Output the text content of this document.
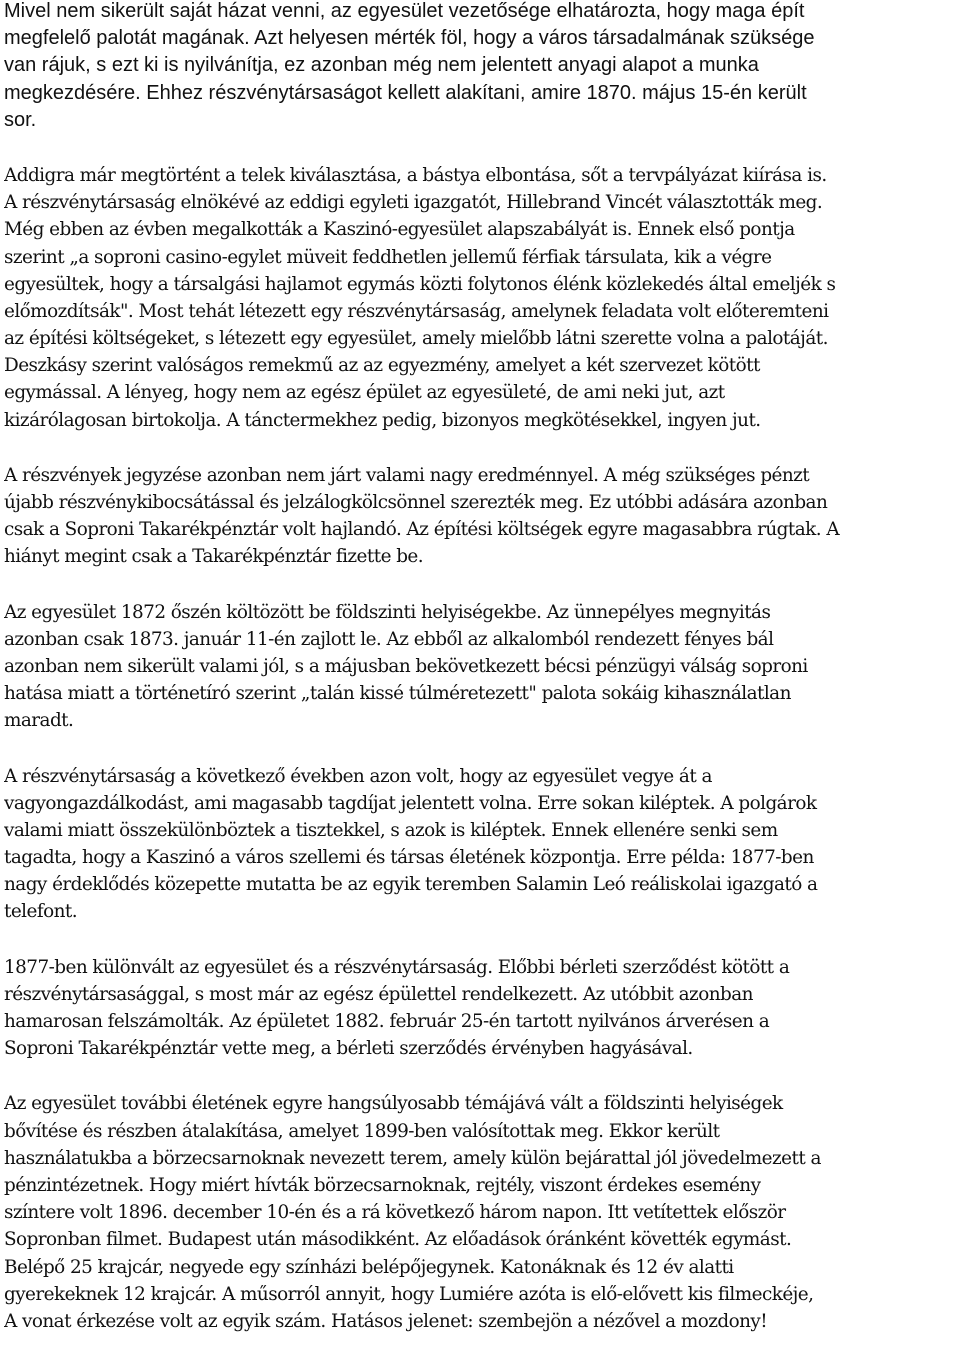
Mivel nem sikerült saját házat venni, az egyesület vezetősége elhatározta, hogy maga épít
megfelelő palotát magának. Azt helyesen mérték föl, hogy a város társadalmának szüksége
van rájuk, s ezt ki is nyilvánítja, ez azonban még nem jelentett anyagi alapot a munka
megkezdésére. Ehhez részvénytársaságot kellett alakítani, amire 1870. május 15-én került
sor.
Addigra már megtörtént a telek kiválasztása, a bástya elbontása, sőt a tervpályázat kiírása is.
A részvénytársaság elnökévé az eddigi egyleti igazgatót, Hillebrand Vincét választották meg.
Még ebben az évben megalkották a Kaszinó-egyesület alapszabályát is. Ennek első pontja
szerint „a soproni casino-egylet müveit feddhetlen jellemű férfiak társulata, kik a végre
egyesültek, hogy a társalgási hajlamot egymás közti folytonos élénk közlekedés által emeljék s
előmozdítsák". Most tehát létezett egy részvénytársaság, amelynek feladata volt előteremteni
az építési költségeket, s létezett egy egyesület, amely mielőbb látni szerette volna a palotáját.
Deszkásy szerint valóságos remekmű az az egyezmény, amelyet a két szervezet kötött
egymással. A lényeg, hogy nem az egész épület az egyesületé, de ami neki jut, azt
kizárólagosan birtokolja. A tánctermekhez pedig, bizonyos megkötésekkel, ingyen jut.
A részvények jegyzése azonban nem járt valami nagy eredménnyel. A még szükséges pénzt
újabb részvénykibocsátással és jelzálogkölcsönnel szerezték meg. Ez utóbbi adására azonban
csak a Soproni Takarékpénztár volt hajlandó. Az építési költségek egyre magasabbra rúgtak. A
hiányt megint csak a Takarékpénztár fizette be.
Az egyesület 1872 őszén költözött be földszinti helyiségekbe. Az ünnepélyes megnyitás
azonban csak 1873. január 11-én zajlott le. Az ebből az alkalomból rendezett fényes bál
azonban nem sikerült valami jól, s a májusban bekövetkezett bécsi pénzügyi válság soproni
hatása miatt a történetíró szerint „talán kissé túlméretezett" palota sokáig kihasználatlan
maradt.
A részvénytársaság a következő években azon volt, hogy az egyesület vegye át a
vagyongazdálkodást, ami magasabb tagdíjat jelentett volna. Erre sokan kiléptek. A polgárok
valami miatt összekülönböztek a tisztekkel, s azok is kiléptek. Ennek ellenére senki sem
tagadta, hogy a Kaszinó a város szellemi és társas életének központja. Erre példa: 1877-ben
nagy érdeklődés közepette mutatta be az egyik teremben Salamin Leó reáliskolai igazgató a
telefont.
1877-ben különvált az egyesület és a részvénytársaság. Előbbi bérleti szerződést kötött a
részvénytársasággal, s most már az egész épülettel rendelkezett. Az utóbbit azonban
hamarosan felszámolták. Az épületet 1882. február 25-én tartott nyilvános árverésen a
Soproni Takarékpénztár vette meg, a bérleti szerződés érvényben hagyásával.
Az egyesület további életének egyre hangsúlyosabb témájává vált a földszinti helyiségek
bővítése és részben átalakítása, amelyet 1899-ben valósítottak meg. Ekkor került
használatukba a börzecsarnoknak nevezett terem, amely külön bejárattal jól jövedelmezett a
pénzintézetnek. Hogy miért hívták börzecsarnoknak, rejtély, viszont érdekes esemény
színtere volt 1896. december 10-én és a rá következő három napon. Itt vetítettek először
Sopronban filmet. Budapest után másodikként. Az előadások óránként követték egymást.
Belépő 25 krajcár, negyede egy színházi belépőjegynek. Katonáknak és 12 év alatti
gyerekeknek 12 krajcár. A műsorról annyit, hogy Lumiére azóta is elő-elővett kis filmeckéje,
A vonat érkezése volt az egyik szám. Hatásos jelenet: szembejön a nézővel a mozdony!
